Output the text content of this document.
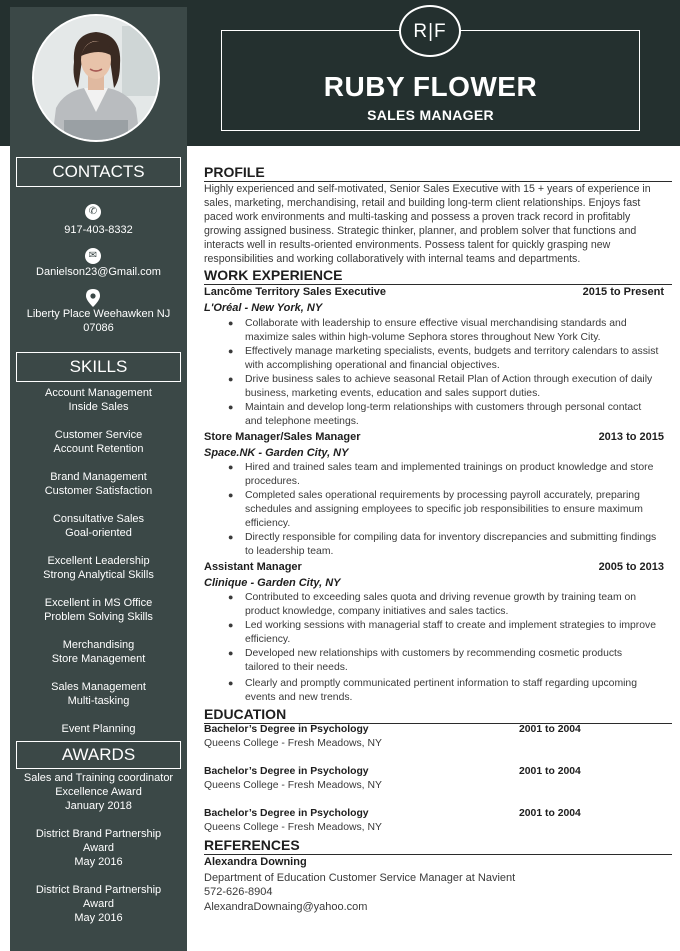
R|F
RUBY FLOWER
SALES MANAGER
CONTACTS
✆
917-403-8332
✉
Danielson23@Gmail.com
Liberty Place Weehawken NJ
07086
SKILLS
Account Management
Inside Sales
Customer Service
Account Retention
Brand Management
Customer Satisfaction
Consultative Sales
Goal-oriented
Excellent Leadership
Strong Analytical Skills
Excellent in MS Office
Problem Solving Skills
Merchandising
Store Management
Sales Management
Multi-tasking
Event Planning
AWARDS
Sales and Training coordinator
Excellence Award
January 2018
District Brand Partnership
Award
May 2016
District Brand Partnership
Award
May 2016
PROFILE
Highly experienced and self-motivated, Senior Sales Executive with 15 + years of experience in
sales, marketing, merchandising, retail and building long-term client relationships. Enjoys fast
paced work environments and multi-tasking and possess a proven track record in profitably
growing assigned business. Strategic thinker, planner, and problem solver that functions and
interacts well in results-oriented environments. Possess talent for quickly grasping new
responsibilities and working collaboratively with internal teams and departments.
WORK EXPERIENCE
Lancôme Territory Sales Executive	2015 to Present
L'Oréal - New York, NY
● Collaborate with leadership to ensure effective visual merchandising standards and
maximize sales within high-volume Sephora stores throughout New York City.
● Effectively manage marketing specialists, events, budgets and territory calendars to assist
with accomplishing operational and financial objectives.
● Drive business sales to achieve seasonal Retail Plan of Action through execution of daily
business, marketing events, education and sales support duties.
● Maintain and develop long-term relationships with customers through personal contact
and telephone meetings.
Store Manager/Sales Manager	2013 to 2015
Space.NK - Garden City, NY
● Hired and trained sales team and implemented trainings on product knowledge and store
procedures.
● Completed sales operational requirements by processing payroll accurately, preparing
schedules and assigning employees to specific job responsibilities to ensure maximum
efficiency.
● Directly responsible for compiling data for inventory discrepancies and submitting findings
to leadership team.
Assistant Manager	2005 to 2013
Clinique - Garden City, NY
● Contributed to exceeding sales quota and driving revenue growth by training team on
product knowledge, company initiatives and sales tactics.
● Led working sessions with managerial staff to create and implement strategies to improve
efficiency.
● Developed new relationships with customers by recommending cosmetic products
tailored to their needs.
● Clearly and promptly communicated pertinent information to staff regarding upcoming
events and new trends.
EDUCATION
Bachelor’s Degree in Psychology	2001 to 2004
Queens College - Fresh Meadows, NY
Bachelor’s Degree in Psychology	2001 to 2004
Queens College - Fresh Meadows, NY
Bachelor’s Degree in Psychology	2001 to 2004
Queens College - Fresh Meadows, NY
REFERENCES
Alexandra Downing
Department of Education Customer Service Manager at Navient
572-626-8904
AlexandraDownaing@yahoo.com
